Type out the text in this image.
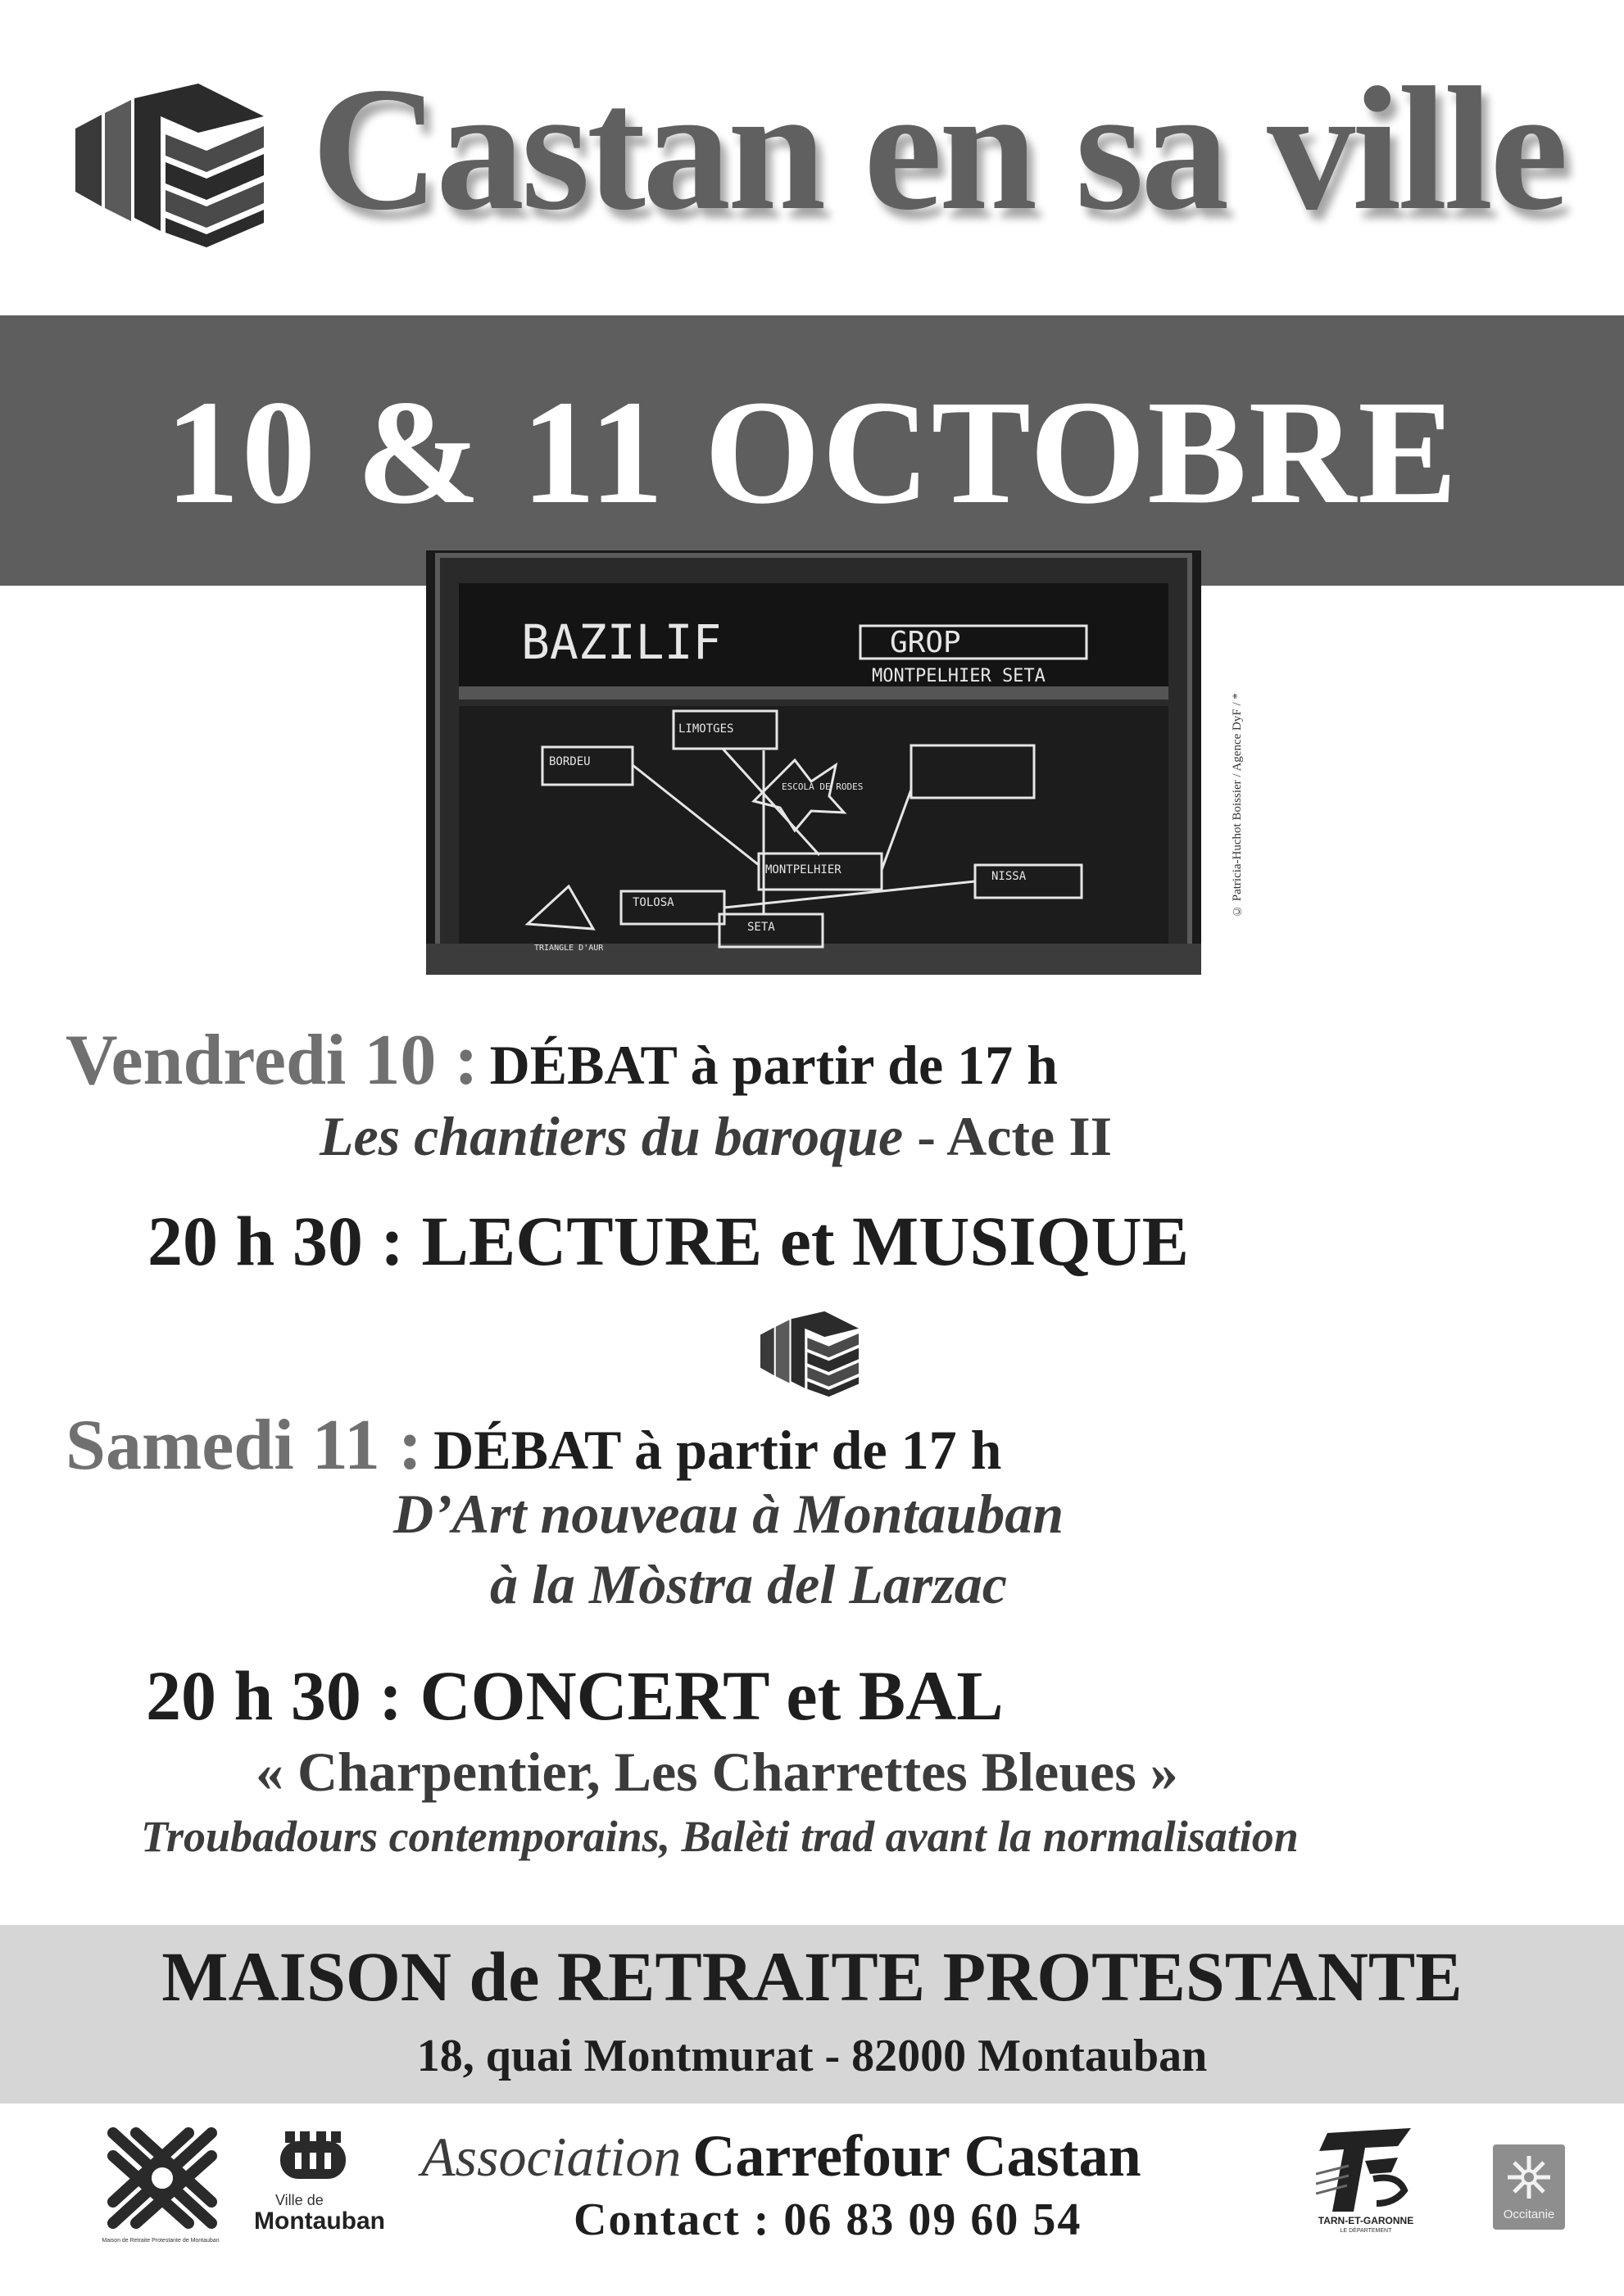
Castan en sa ville
10 & 11 OCTOBRE
BAZILIF	GROP
MONTPELHIER SETA
LIMOTGES
BORDEU
ESCOLA DE RODES
MONTPELHIER	NISSA
TOLOSA
SETA
TRIANGLE D'AUR
© Patricia-Huchot Boissier / Agence DyF / *
Vendredi 10 : DÉBAT à partir de 17 h
Les chantiers du baroque - Acte II
20 h 30 : LECTURE et MUSIQUE
Samedi 11 : DÉBAT à partir de 17 h
D’Art nouveau à Montauban
à la Mòstra del Larzac
20 h 30 : CONCERT et BAL
« Charpentier, Les Charrettes Bleues »
Troubadours contemporains, Balèti trad avant la normalisation
MAISON de RETRAITE PROTESTANTE
18, quai Montmurat - 82000 Montauban
Association Carrefour Castan
Contact : 06 83 09 60 54
Maison de Retraite Protestante de Montauban
Ville de
Montauban	TARN-ET-GARONNE
LE DÉPARTEMENT
Occitanie
